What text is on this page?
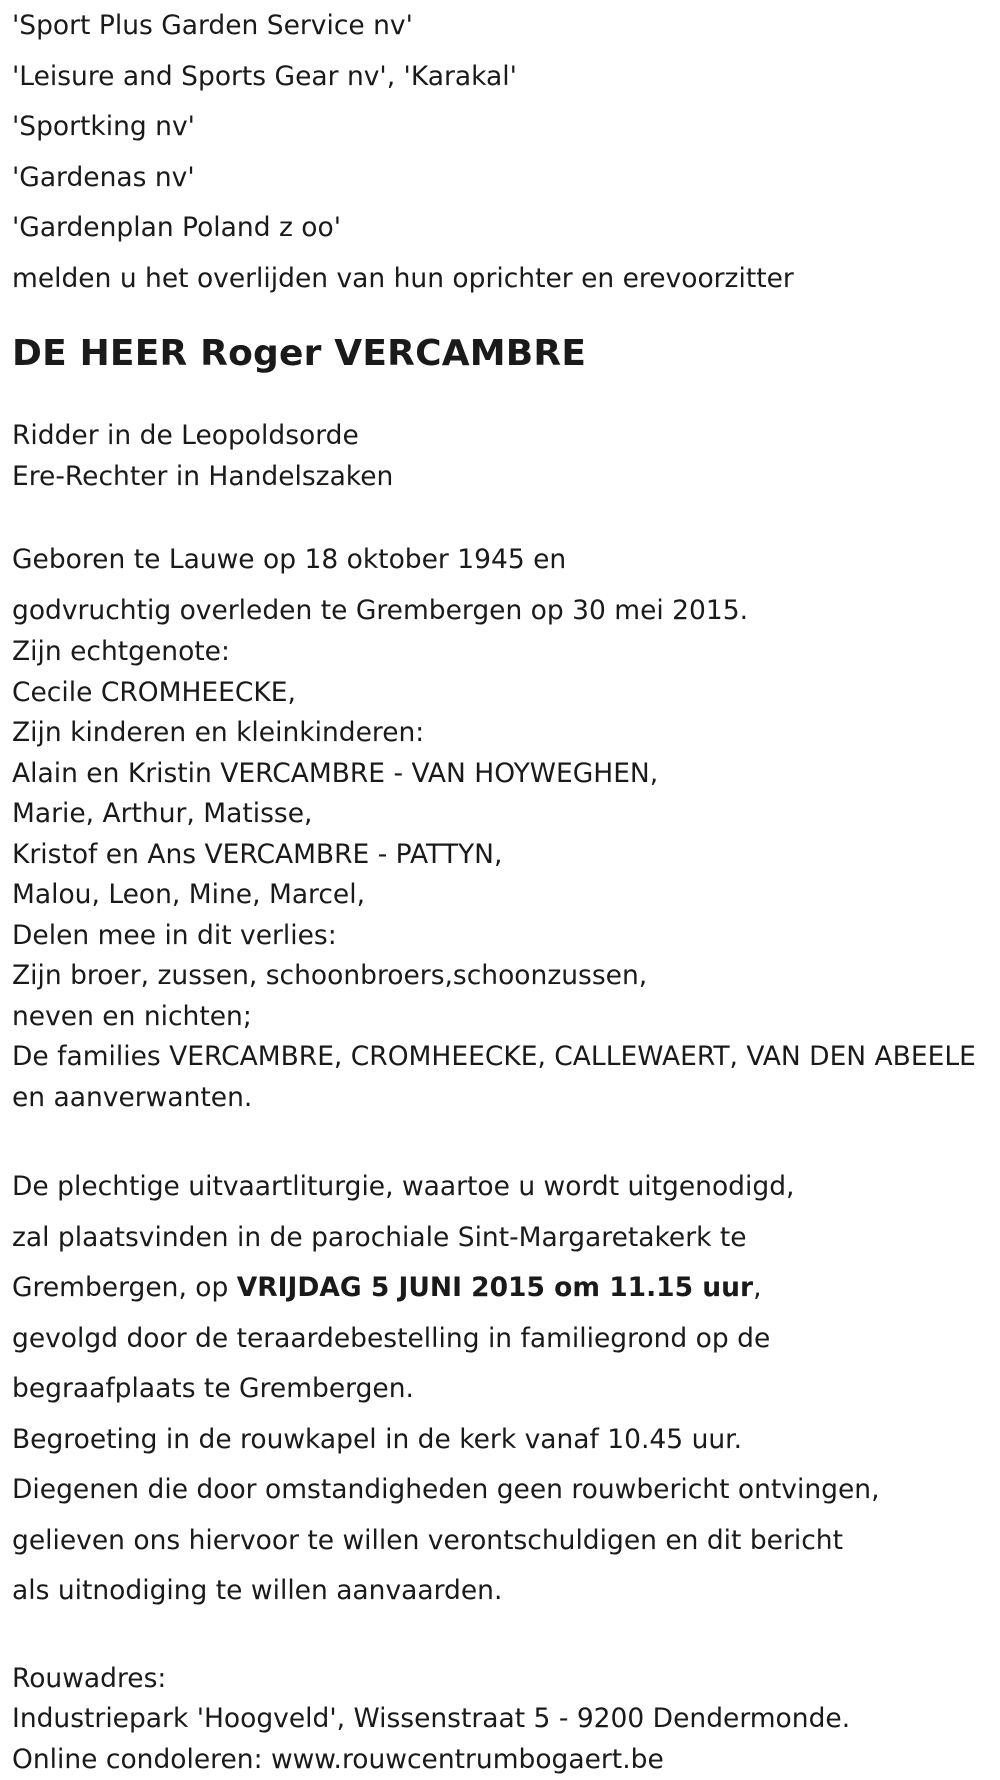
'Sport Plus Garden Service nv'
'Leisure and Sports Gear nv', 'Karakal'
'Sportking nv'
'Gardenas nv'
'Gardenplan Poland z oo'
melden u het overlijden van hun oprichter en erevoorzitter
DE HEER Roger VERCAMBRE
Ridder in de Leopoldsorde
Ere-Rechter in Handelszaken
Geboren te Lauwe op 18 oktober 1945 en
godvruchtig overleden te Grembergen op 30 mei 2015.
Zijn echtgenote:
Cecile CROMHEECKE,
Zijn kinderen en kleinkinderen:
Alain en Kristin VERCAMBRE - VAN HOYWEGHEN,
Marie, Arthur, Matisse,
Kristof en Ans VERCAMBRE - PATTYN,
Malou, Leon, Mine, Marcel,
Delen mee in dit verlies:
Zijn broer, zussen, schoonbroers,schoonzussen,
neven en nichten;
De families VERCAMBRE, CROMHEECKE, CALLEWAERT, VAN DEN ABEELE
en aanverwanten.
De plechtige uitvaartliturgie, waartoe u wordt uitgenodigd,
zal plaatsvinden in de parochiale Sint-Margaretakerk te
Grembergen, op VRIJDAG 5 JUNI 2015 om 11.15 uur,
gevolgd door de teraardebestelling in familiegrond op de
begraafplaats te Grembergen.
Begroeting in de rouwkapel in de kerk vanaf 10.45 uur.
Diegenen die door omstandigheden geen rouwbericht ontvingen,
gelieven ons hiervoor te willen verontschuldigen en dit bericht
als uitnodiging te willen aanvaarden.
Rouwadres:
Industriepark 'Hoogveld', Wissenstraat 5 - 9200 Dendermonde.
Online condoleren: www.rouwcentrumbogaert.be
